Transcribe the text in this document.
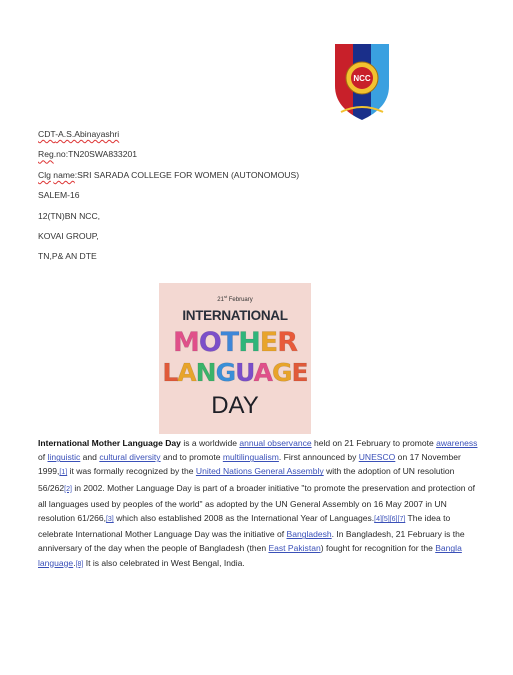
NCC
CDT-A.S.Abinayashri
Reg.no:TN20SWA833201
Clg name:SRI SARADA COLLEGE FOR WOMEN (AUTONOMOUS)
SALEM-16
12(TN)BN NCC,
KOVAI GROUP,
TN,P& AN DTE
21st February
INTERNATIONAL
MOTHER
LANGUAGE
DAY
International Mother Language Day is a worldwide annual observance held on 21 February to promote awareness of linguistic and cultural diversity and to promote multilingualism. First announced by UNESCO on 17 November 1999,[1] it was formally recognized by the United Nations General Assembly with the adoption of UN resolution 56/262[2] in 2002. Mother Language Day is part of a broader initiative "to promote the preservation and protection of all languages used by peoples of the world" as adopted by the UN General Assembly on 16 May 2007 in UN resolution 61/266,[3] which also established 2008 as the International Year of Languages.[4][5][6][7] The idea to celebrate International Mother Language Day was the initiative of Bangladesh. In Bangladesh, 21 February is the anniversary of the day when the people of Bangladesh (then East Pakistan) fought for recognition for the Bangla language.[8] It is also celebrated in West Bengal, India.
